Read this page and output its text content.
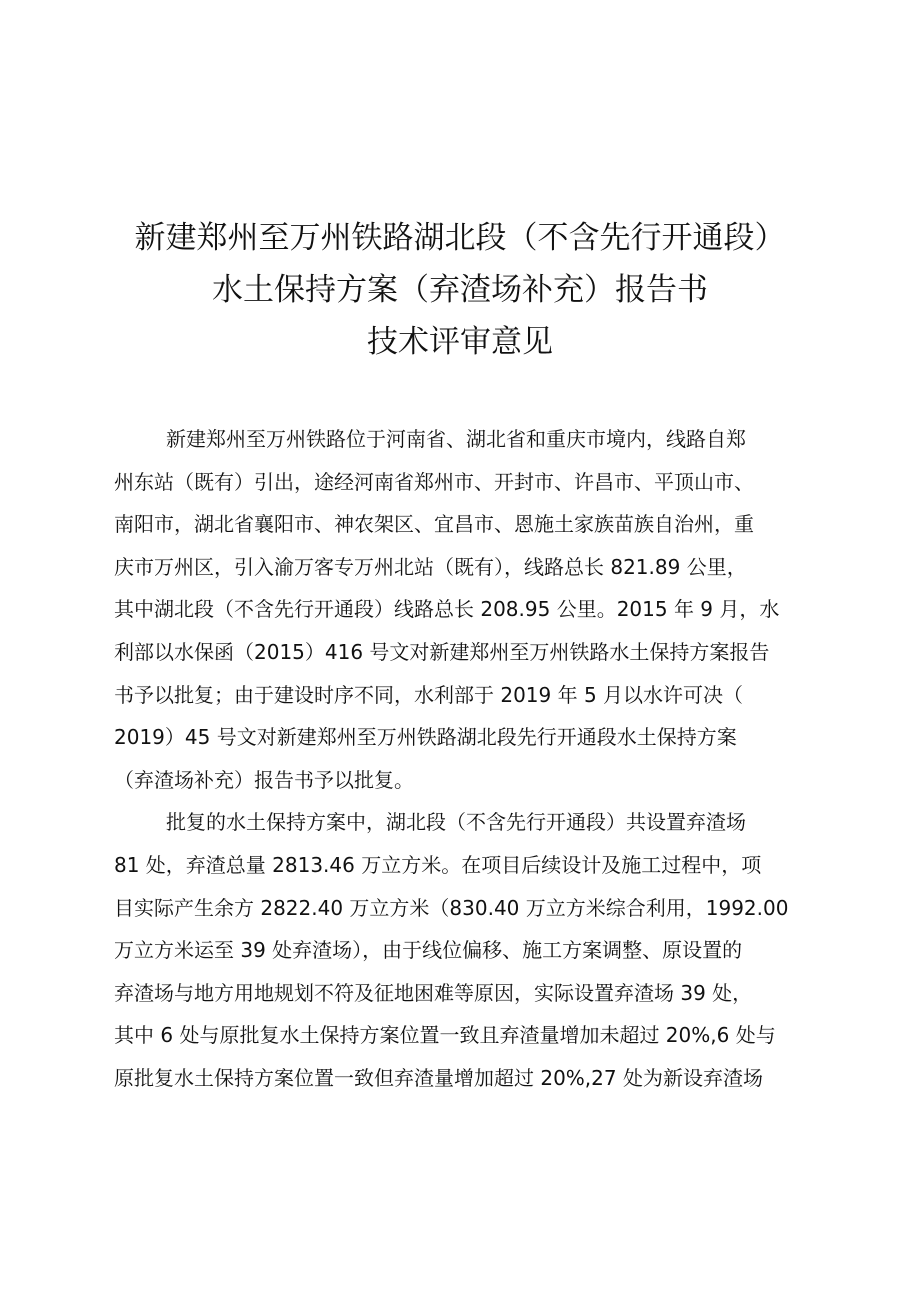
新建郑州至万州铁路湖北段（不含先行开通段）
水土保持方案（弃渣场补充）报告书
技术评审意见
新建郑州至万州铁路位于河南省、湖北省和重庆市境内，线路自郑
州东站（既有）引出，途经河南省郑州市、开封市、许昌市、平顶山市、
南阳市，湖北省襄阳市、神农架区、宜昌市、恩施土家族苗族自治州，重
庆市万州区，引入渝万客专万州北站（既有），线路总长 821.89 公里，
其中湖北段（不含先行开通段）线路总长 208.95 公里。2015 年 9 月，水
利部以水保函（2015）416 号文对新建郑州至万州铁路水土保持方案报告
书予以批复；由于建设时序不同，水利部于 2019 年 5 月以水许可决（
2019）45 号文对新建郑州至万州铁路湖北段先行开通段水土保持方案
（弃渣场补充）报告书予以批复。
批复的水土保持方案中，湖北段（不含先行开通段）共设置弃渣场
81 处，弃渣总量 2813.46 万立方米。在项目后续设计及施工过程中，项
目实际产生余方 2822.40 万立方米（830.40 万立方米综合利用，1992.00
万立方米运至 39 处弃渣场），由于线位偏移、施工方案调整、原设置的
弃渣场与地方用地规划不符及征地困难等原因，实际设置弃渣场 39 处，
其中 6 处与原批复水土保持方案位置一致且弃渣量增加未超过 20%,6 处与
原批复水土保持方案位置一致但弃渣量增加超过 20%,27 处为新设弃渣场
